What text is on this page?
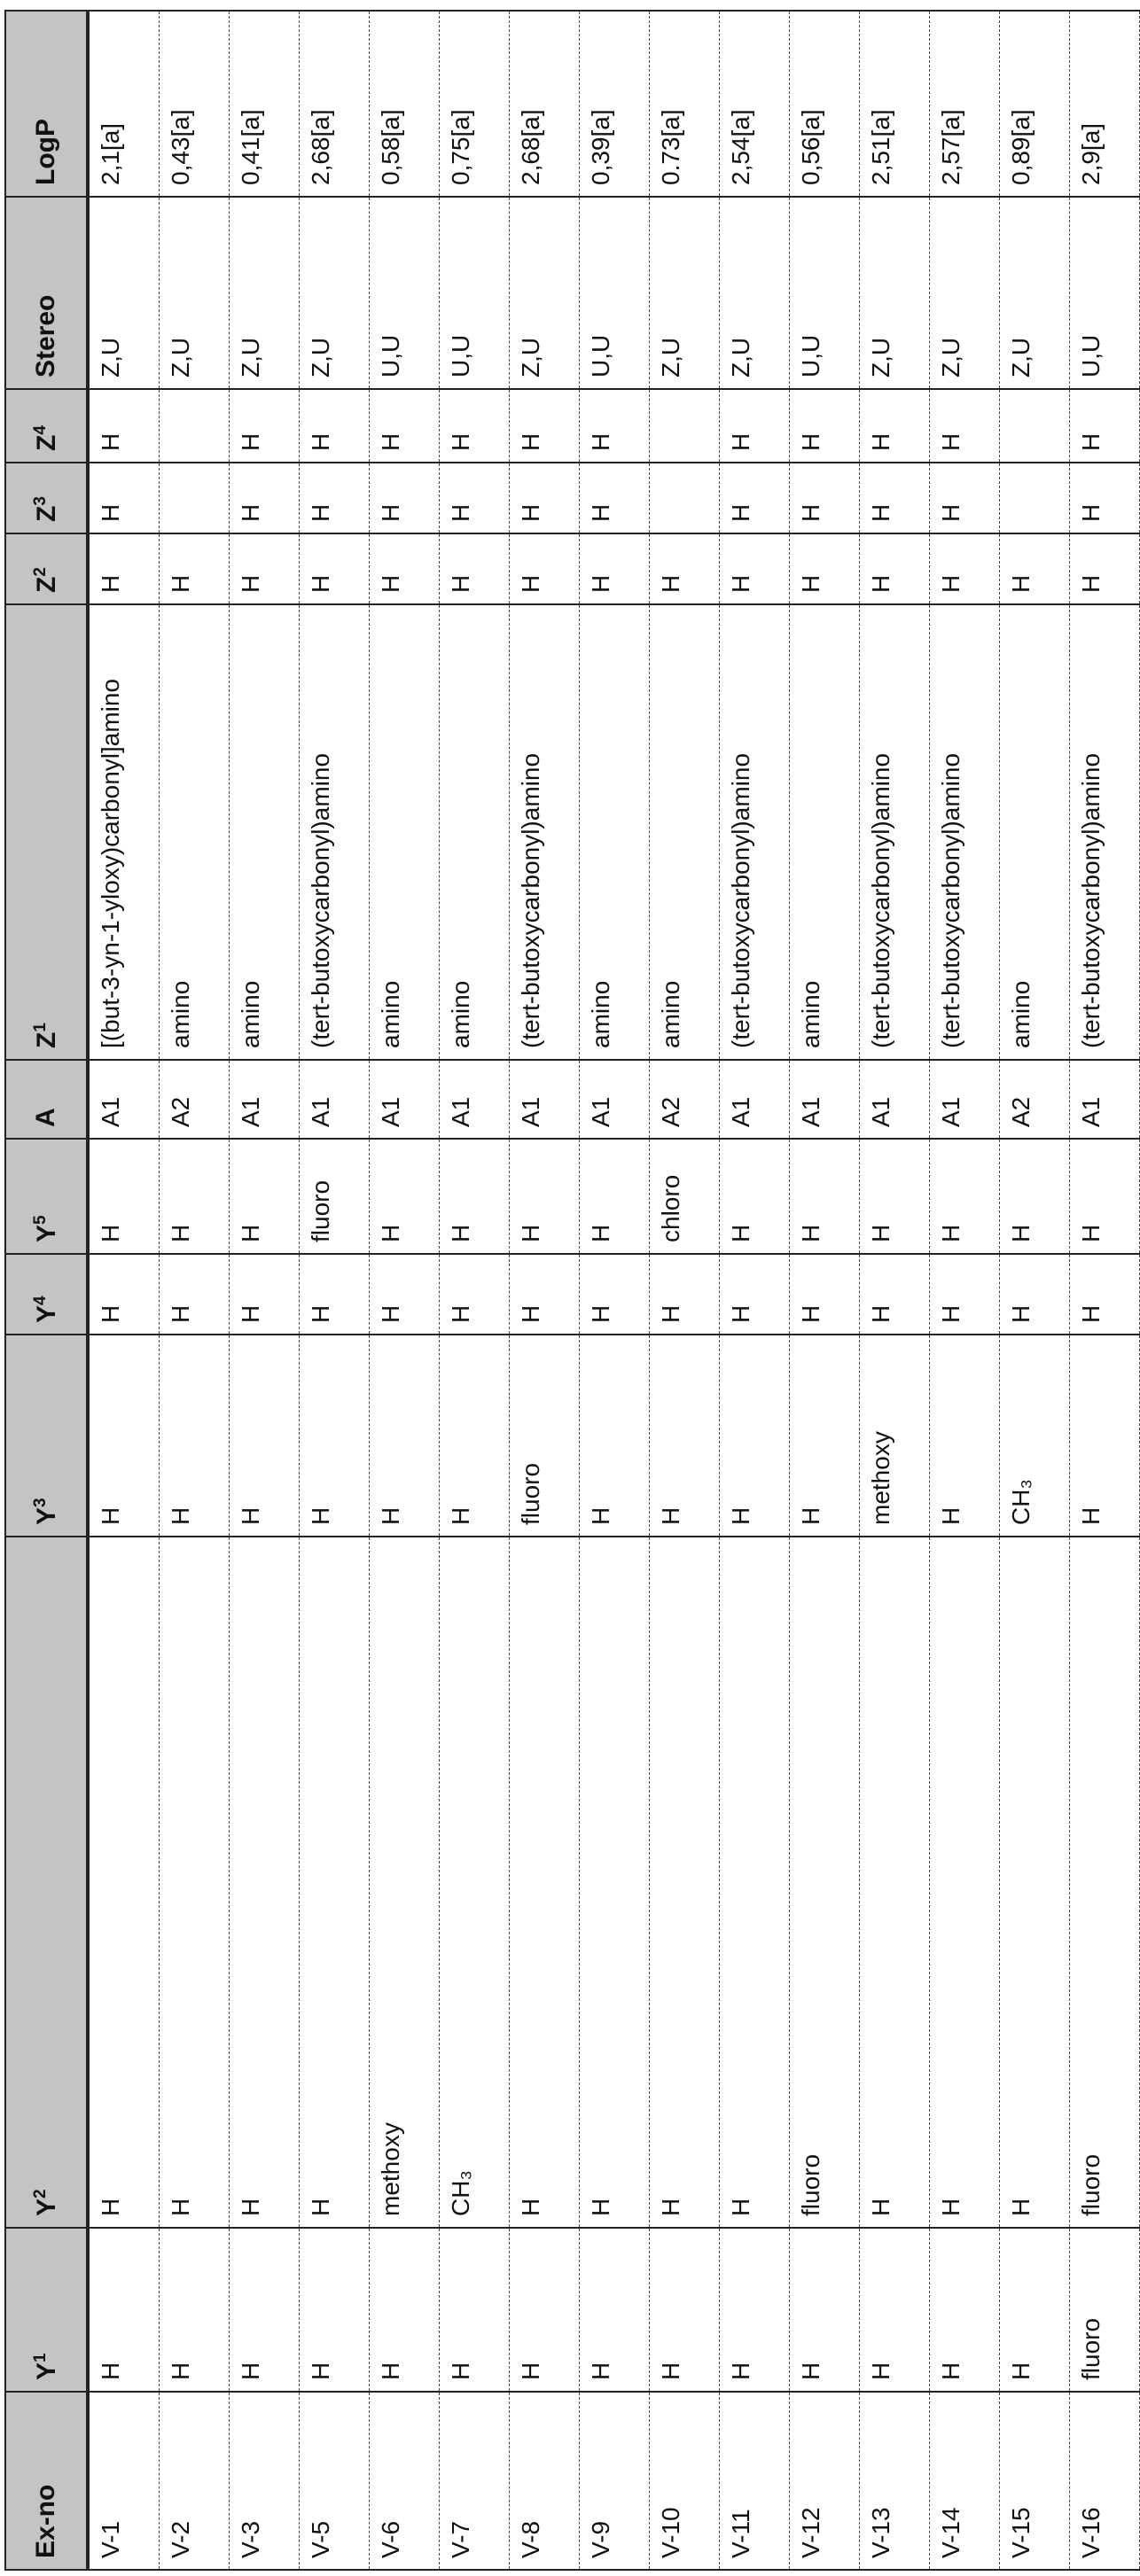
Ex-no	Y1	Y2	Y3	Y4	Y5	A	Z1	Z2	Z3	Z4	Stereo	LogP
V-1	H	H	H	H	H	A1	[(but-3-yn-1-yloxy)carbonyl]amino	H	H	H	Z,U	2,1[a]
V-2	H	H	H	H	H	A2	amino	H			Z,U	0,43[a]
V-3	H	H	H	H	H	A1	amino	H	H	H	Z,U	0,41[a]
V-5	H	H	H	H	fluoro	A1	(tert-butoxycarbonyl)amino	H	H	H	Z,U	2,68[a]
V-6	H	methoxy	H	H	H	A1	amino	H	H	H	U,U	0,58[a]
V-7	H	CH₃	H	H	H	A1	amino	H	H	H	U,U	0,75[a]
V-8	H	H	fluoro	H	H	A1	(tert-butoxycarbonyl)amino	H	H	H	Z,U	2,68[a]
V-9	H	H	H	H	H	A1	amino	H	H	H	U,U	0,39[a]
V-10	H	H	H	H	chloro	A2	amino	H			Z,U	0.73[a]
V-11	H	H	H	H	H	A1	(tert-butoxycarbonyl)amino	H	H	H	Z,U	2,54[a]
V-12	H	fluoro	H	H	H	A1	amino	H	H	H	U,U	0,56[a]
V-13	H	H	methoxy	H	H	A1	(tert-butoxycarbonyl)amino	H	H	H	Z,U	2,51[a]
V-14	H	H	H	H	H	A1	(tert-butoxycarbonyl)amino	H	H	H	Z,U	2,57[a]
V-15	H	H	CH₃	H	H	A2	amino	H			Z,U	0,89[a]
V-16	fluoro	fluoro	H	H	H	A1	(tert-butoxycarbonyl)amino	H	H	H	U,U	2,9[a]
